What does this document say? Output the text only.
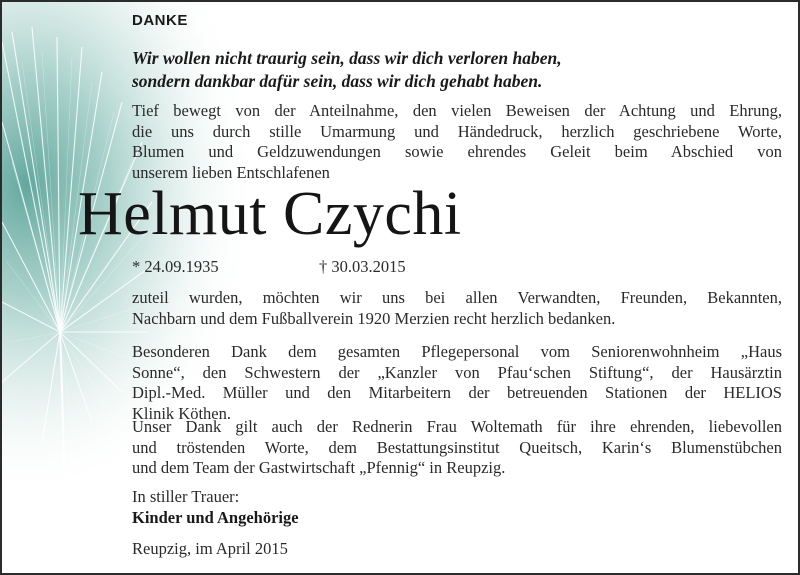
DANKE
Wir wollen nicht traurig sein, dass wir dich verloren haben,
sondern dankbar dafür sein, dass wir dich gehabt haben.
Tief bewegt von der Anteilnahme, den vielen Beweisen der Achtung und Ehrung,
die uns durch stille Umarmung und Händedruck, herzlich geschriebene Worte,
Blumen und Geldzuwendungen sowie ehrendes Geleit beim Abschied von
unserem lieben Entschlafenen
Helmut Czychi
* 24.09.1935	† 30.03.2015
zuteil wurden, möchten wir uns bei allen Verwandten, Freunden, Bekannten,
Nachbarn und dem Fußballverein 1920 Merzien recht herzlich bedanken.
Besonderen Dank dem gesamten Pflegepersonal vom Seniorenwohnheim „Haus
Sonne“, den Schwestern der „Kanzler von Pfau‘schen Stiftung“, der Hausärztin
Dipl.-Med. Müller und den Mitarbeitern der betreuenden Stationen der HELIOS
Klinik Köthen.
Unser Dank gilt auch der Rednerin Frau Woltemath für ihre ehrenden, liebevollen
und tröstenden Worte, dem Bestattungsinstitut Queitsch, Karin‘s Blumenstübchen
und dem Team der Gastwirtschaft „Pfennig“ in Reupzig.
In stiller Trauer:
Kinder und Angehörige
Reupzig, im April 2015
